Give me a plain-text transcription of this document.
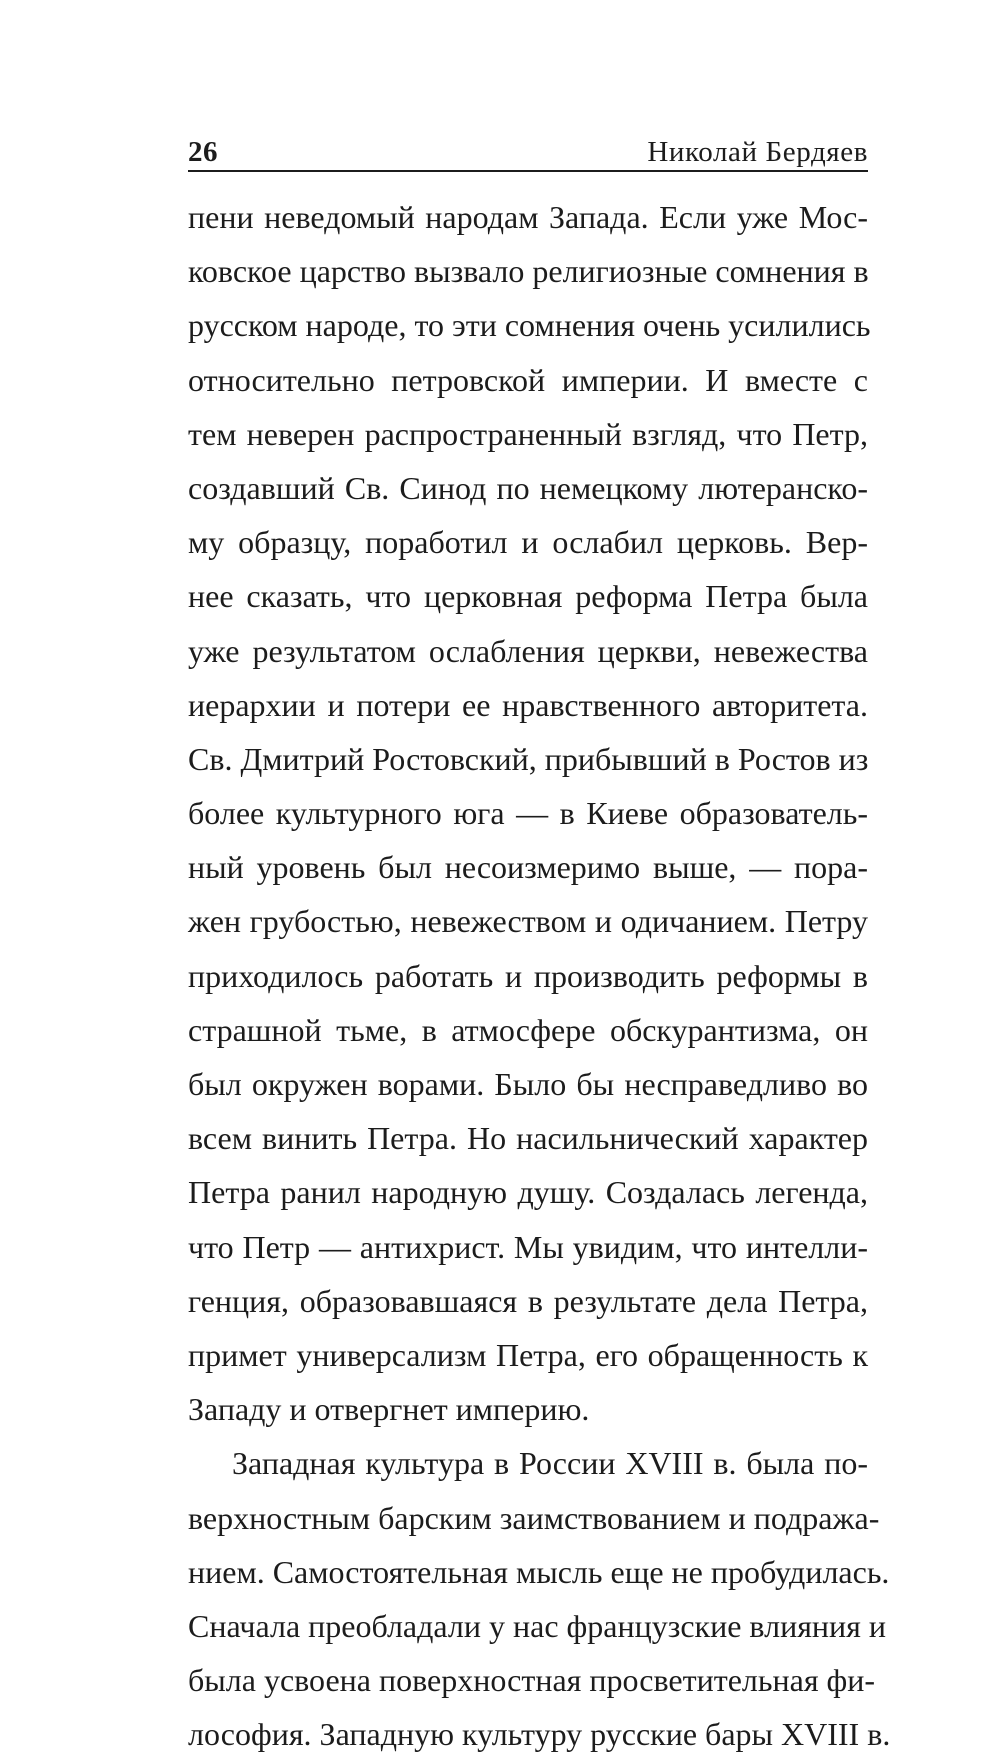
26	Николай Бердяев
пени неведомый народам Запада. Если уже Мос-
ковское царство вызвало религиозные сомнения в
русском народе, то эти сомнения очень усилились
относительно петровской империи. И вместе с
тем неверен распространенный взгляд, что Петр,
создавший Св. Синод по немецкому лютеранско-
му образцу, поработил и ослабил церковь. Вер-
нее сказать, что церковная реформа Петра была
уже результатом ослабления церкви, невежества
иерархии и потери ее нравственного авторитета.
Св. Дмитрий Ростовский, прибывший в Ростов из
более культурного юга — в Киеве образователь-
ный уровень был несоизмеримо выше, — пора-
жен грубостью, невежеством и одичанием. Петру
приходилось работать и производить реформы в
страшной тьме, в атмосфере обскурантизма, он
был окружен ворами. Было бы несправедливо во
всем винить Петра. Но насильнический характер
Петра ранил народную душу. Создалась легенда,
что Петр — антихрист. Мы увидим, что интелли-
генция, образовавшаяся в результате дела Петра,
примет универсализм Петра, его обращенность к
Западу и отвергнет империю.
Западная культура в России XVIII в. была по-
верхностным барским заимствованием и подража-
нием. Самостоятельная мысль еще не пробудилась.
Сначала преобладали у нас французские влияния и
была усвоена поверхностная просветительная фи-
лософия. Западную культуру русские бары XVIII в.
